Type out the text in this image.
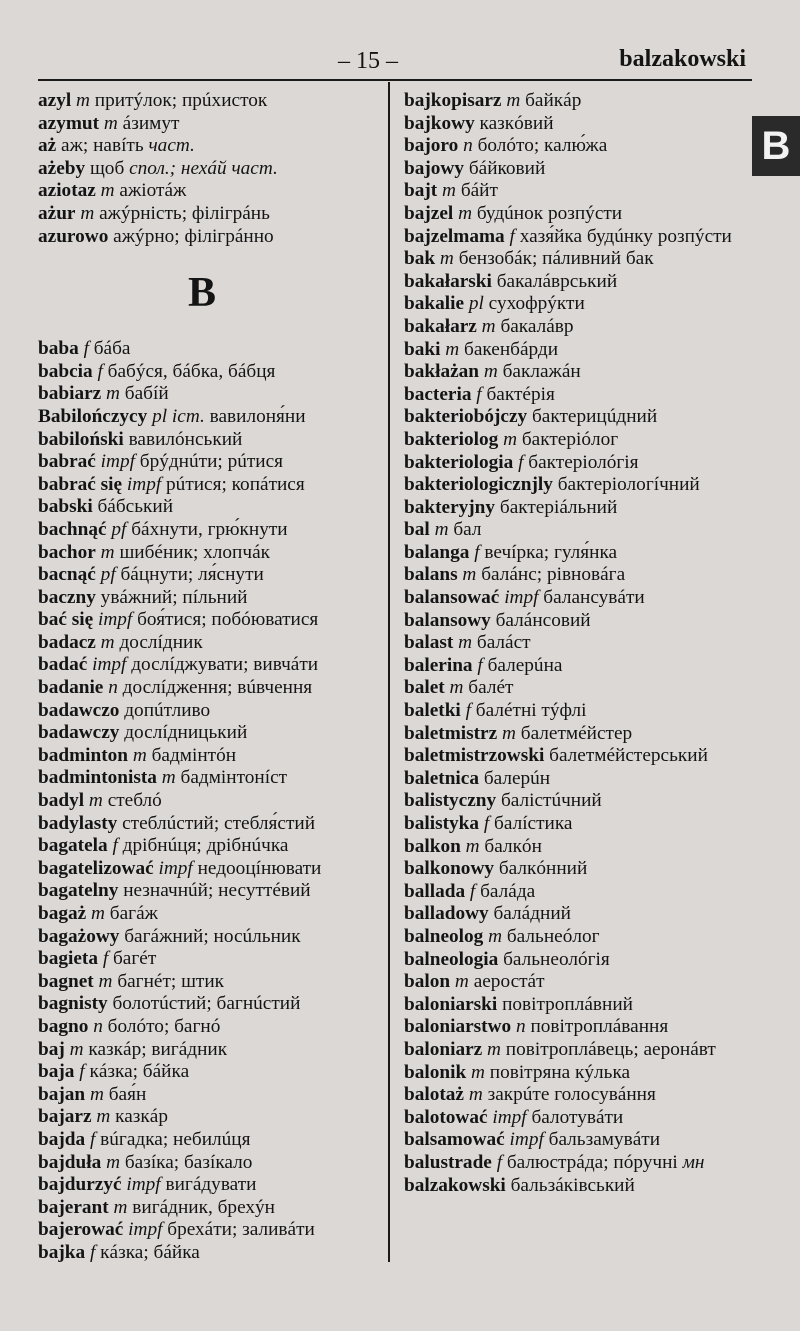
– 15 –	balzakowski
B
azyl m притýлок; прúхисток
azymut m áзимут
aż аж; навíть част.
ażeby щоб спол.; нехáй част.
aziotaz m ажіотáж
ażur m ажýрність; філігрáнь
azurowo ажýрно; філігрáнно
B
baba f бáба
babcia f бабýся, бáбка, бáбця
babiarz m бабíй
Babilończycy pl іст. вавилоня́ни
babiloński вавилóнський
babrać impf брýднúти; рúтися
babrać się impf рúтися; копáтися
babski бáбський
bachnąć pf бáхнути, грю́кнути
bachor m шибéник; хлопчáк
bacnąć pf бáцнути; ля́снути
baczny увáжний; пíльний
bać się impf боя́тися; побóюватися
badacz m дослíдник
badać impf дослíджувати; вивчáти
badanie n дослíдження; вúвчення
badawczo допúтливо
badawczy дослíдницький
badminton m бадмінтóн
badmintonista m бадмінтонíст
badyl m стеблó
badylasty стеблúстий; стебля́стий
bagatela f дрібнúця; дрібнúчка
bagatelizować impf недооцíнювати
bagatelny незначнúй; несуттéвий
bagaż m багáж
bagażowy багáжний; носúльник
bagieta f багéт
bagnet m багнéт; штик
bagnisty болотúстий; багнúстий
bagno n болóто; багнó
baj m казкáр; вигáдник
baja f кáзка; бáйка
bajan m бая́н
bajarz m казкáр
bajda f вúгадка; небилúця
bajduła m базíка; базíкало
bajdurzyć impf вигáдувати
bajerant m вигáдник, брехýн
bajerować impf брехáти; заливáти
bajka f кáзка; бáйка
bajkopisarz m байкáр
bajkowy казкóвий
bajoro n болóто; калю́жа
bajowy бáйковий
bajt m бáйт
bajzel m будúнок розпýсти
bajzelmama f хазя́йка будúнку розпýсти
bak m бензобáк; пáливний бак
bakałarski бакалáврський
bakalie pl сухофрýкти
bakałarz m бакалáвр
baki m бакенбáрди
bakłażan m баклажáн
bacteria f бактéрія
bakteriobójczy бактерицúдний
bakteriolog m бактеріóлог
bakteriologia f бактеріолóгія
bakteriologicznjly бактеріологíчний
bakteryjny бактеріáльний
bal m бал
balanga f вечíрка; гуля́нка
balans m балáнс; рівновáга
balansować impf балансувáти
balansowy балáнсовий
balast m балáст
balerina f балерúна
balet m балéт
baletki f балéтні тýфлі
baletmistrz m балетмéйстер
baletmistrzowski балетмéйстерський
baletnica балерúн
balistyczny балістúчний
balistyka f балíстика
balkon m балкóн
balkonowy балкóнний
ballada f балáда
balladowy балáдний
balneolog m бальнеóлог
balneologia бальнеолóгія
balon m аеростáт
baloniarski повітроплáвний
baloniarstwo n повітроплáвання
baloniarz m повітроплáвець; аеронáвт
balonik m повітряна кýлька
balotaż m закрúте голосувáння
balotować impf балотувáти
balsamować impf бальзамувáти
balustrade f балюстрáда; пóручні мн
balzakowski бальзáківський
